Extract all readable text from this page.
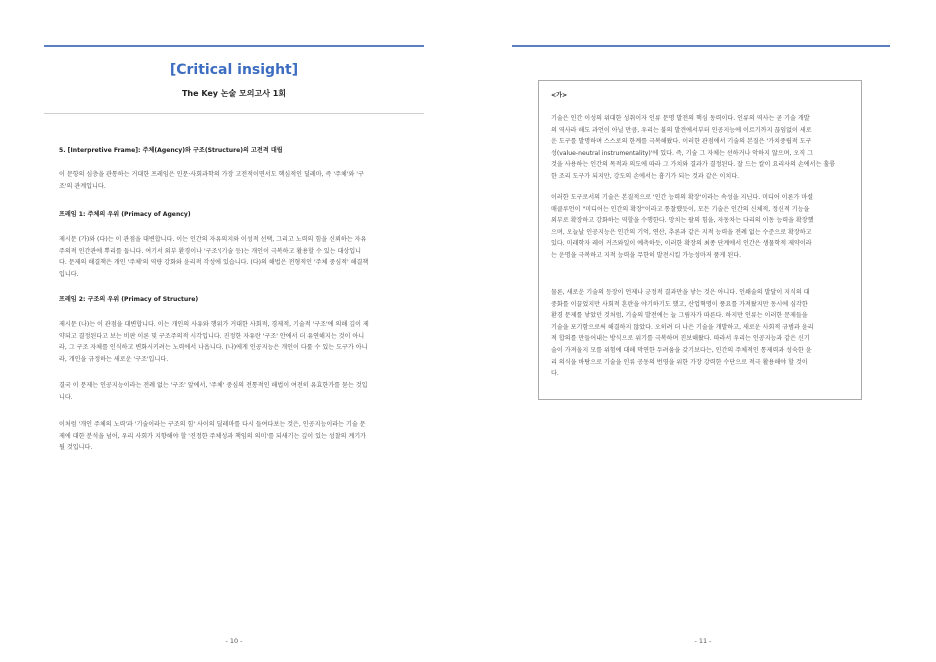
[Critical insight]
The Key 논술 모의고사 1회

5. [Interpretive Frame]: 주체(Agency)와 구조(Structure)의 고전적 대립

이 문항의 심층을 관통하는 거대한 프레임은 인문·사회과학의 가장 고전적이면서도 핵심적인 딜레마, 즉 '주체'와 '구

조'의 관계입니다.

프레임 1: 주체의 우위 (Primacy of Agency)

제시문 (가)와 (다)는 이 관점을 대변합니다. 이는 인간의 자유의지와 이성적 선택, 그리고 노력의 힘을 신뢰하는 자유

주의적 인간관에 뿌리를 둡니다. 여기서 외부 환경이나 '구조'(기술 등)는 개인이 극복하고 활용할 수 있는 대상입니

다. 문제의 해결책은 개인 '주체'의 역량 강화와 윤리적 각성에 있습니다. (다)의 해법은 전형적인 '주체 중심적' 해결책

입니다.

프레임 2: 구조의 우위 (Primacy of Structure)

제시문 (나)는 이 관점을 대변합니다. 이는 개인의 사유와 행위가 거대한 사회적, 경제적, 기술적 '구조'에 의해 깊이 제

약되고 결정된다고 보는 비판 이론 및 구조주의적 시각입니다. 진정한 자유란 '구조' 안에서 더 유연해지는 것이 아니

라, 그 구조 자체를 인식하고 변화시키려는 노력에서 나옵니다. (나)에게 인공지능은 개인이 다룰 수 있는 도구가 아니

라, 개인을 규정하는 새로운 '구조'입니다.

결국 이 문제는 인공지능이라는 전례 없는 '구조' 앞에서, '주체' 중심의 전통적인 해법이 여전히 유효한가를 묻는 것입

니다.

이처럼 '개인 주체의 노력'과 '기술이라는 구조의 힘' 사이의 딜레마를 다시 들여다보는 것은, 인공지능이라는 기술 문

제에 대한 분석을 넘어, 우리 사회가 지향해야 할 '진정한 주체성과 책임의 의미'를 되새기는 깊이 있는 성찰의 계기가

될 것입니다.

- 10 -

<가>

기술은 인간 이성의 위대한 성취이자 인류 문명 발전의 핵심 동력이다. 인류의 역사는 곧 기술 개발

의 역사라 해도 과언이 아닐 만큼, 우리는 불의 발견에서부터 인공지능에 이르기까지 끊임없이 새로

운 도구를 발명하며 스스로의 한계를 극복해왔다. 이러한 관점에서 기술의 본질은 '가치중립적 도구

성(value-neutral instrumentality)'에 있다. 즉, 기술 그 자체는 선하거나 악하지 않으며, 오직 그

것을 사용하는 인간의 목적과 의도에 따라 그 가치와 결과가 결정된다. 잘 드는 칼이 요리사의 손에서는 훌륭

한 조리 도구가 되지만, 강도의 손에서는 흉기가 되는 것과 같은 이치다.

이러한 도구로서의 기술은 본질적으로 '인간 능력의 확장'이라는 속성을 지닌다. 미디어 이론가 마셜

매클루언이 "미디어는 인간의 확장"이라고 통찰했듯이, 모든 기술은 인간의 신체적, 정신적 기능을

외부로 확장하고 강화하는 역할을 수행한다. 망치는 팔의 힘을, 자동차는 다리의 이동 능력을 확장했

으며, 오늘날 인공지능은 인간의 기억, 연산, 추론과 같은 지적 능력을 전례 없는 수준으로 확장하고

있다. 미래학자 레이 커즈와일이 예측하듯, 이러한 확장의 최종 단계에서 인간은 생물학적 제약이라

는 운명을 극복하고 지적 능력을 무한히 발전시킬 가능성마저 품게 된다.

물론, 새로운 기술의 등장이 언제나 긍정적 결과만을 낳는 것은 아니다. 인쇄술의 발달이 지식의 대

중화를 이끌었지만 사회적 혼란을 야기하기도 했고, 산업혁명이 풍요를 가져왔지만 동시에 심각한

환경 문제를 낳았던 것처럼, 기술의 발전에는 늘 그림자가 따른다. 하지만 인류는 이러한 문제들을

기술을 포기함으로써 해결하지 않았다. 오히려 더 나은 기술을 개발하고, 새로운 사회적 규범과 윤리

적 합의를 만들어내는 방식으로 위기를 극복하며 진보해왔다. 따라서 우리는 인공지능과 같은 신기

술이 가져올지 모를 위험에 대해 막연한 두려움을 갖기보다는, 인간의 주체적인 통제력과 성숙한 윤

리 의식을 바탕으로 기술을 인류 공동의 번영을 위한 가장 강력한 수단으로 적극 활용해야 할 것이

다.

- 11 -
